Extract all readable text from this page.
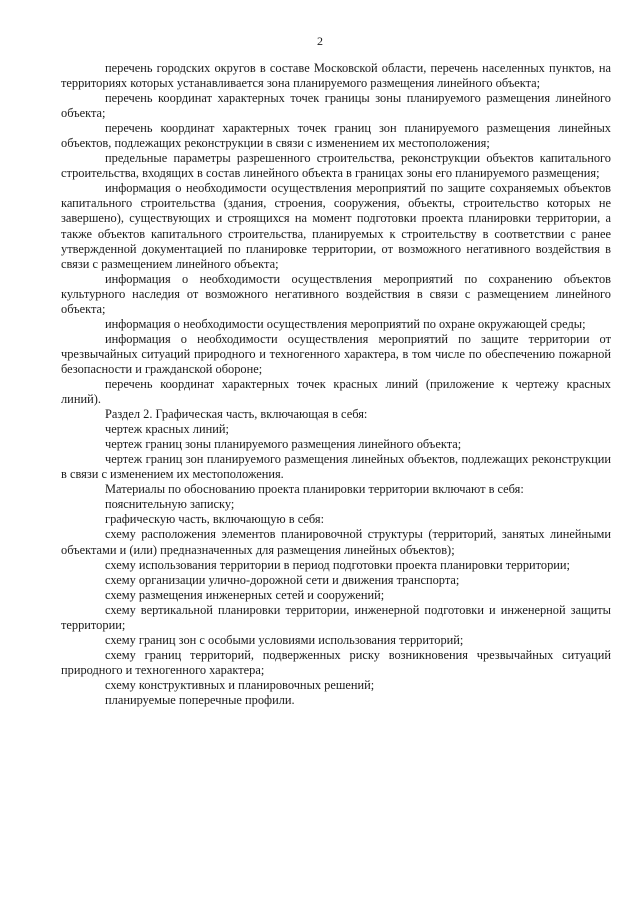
2

перечень городских округов в составе Московской области, перечень населенных пунктов, на территориях которых устанавливается зона планируемого размещения линейного объекта;

перечень координат характерных точек границы зоны планируемого размещения линейного объекта;

перечень координат характерных точек границ зон планируемого размещения линейных объектов, подлежащих реконструкции в связи с изменением их местоположения;

предельные параметры разрешенного строительства, реконструкции объектов капитального строительства, входящих в состав линейного объекта в границах зоны его планируемого размещения;

информация о необходимости осуществления мероприятий по защите сохраняемых объектов капитального строительства (здания, строения, сооружения, объекты, строительство которых не завершено), существующих и строящихся на момент подготовки проекта планировки территории, а также объектов капитального строительства, планируемых к строительству в соответствии с ранее утвержденной документацией по планировке территории, от возможного негативного воздействия в связи с размещением линейного объекта;

информация о необходимости осуществления мероприятий по сохранению объектов культурного наследия от возможного негативного воздействия в связи с размещением линейного объекта;

информация о необходимости осуществления мероприятий по охране окружающей среды;

информация о необходимости осуществления мероприятий по защите территории от чрезвычайных ситуаций природного и техногенного характера, в том числе по обеспечению пожарной безопасности и гражданской обороне;

перечень координат характерных точек красных линий (приложение к чертежу красных линий).

Раздел 2. Графическая часть, включающая в себя:

чертеж красных линий;

чертеж границ зоны планируемого размещения линейного объекта;

чертеж границ зон планируемого размещения линейных объектов, подлежащих реконструкции в связи с изменением их местоположения.

Материалы по обоснованию проекта планировки территории включают в себя:

пояснительную записку;

графическую часть, включающую в себя:

схему расположения элементов планировочной структуры (территорий, занятых линейными объектами и (или) предназначенных для размещения линейных объектов);

схему использования территории в период подготовки проекта планировки территории;

схему организации улично-дорожной сети и движения транспорта;

схему размещения инженерных сетей и сооружений;

схему вертикальной планировки территории, инженерной подготовки и инженерной защиты территории;

схему границ зон с особыми условиями использования территорий;

схему границ территорий, подверженных риску возникновения чрезвычайных ситуаций природного и техногенного характера;

схему конструктивных и планировочных решений;

планируемые поперечные профили.
